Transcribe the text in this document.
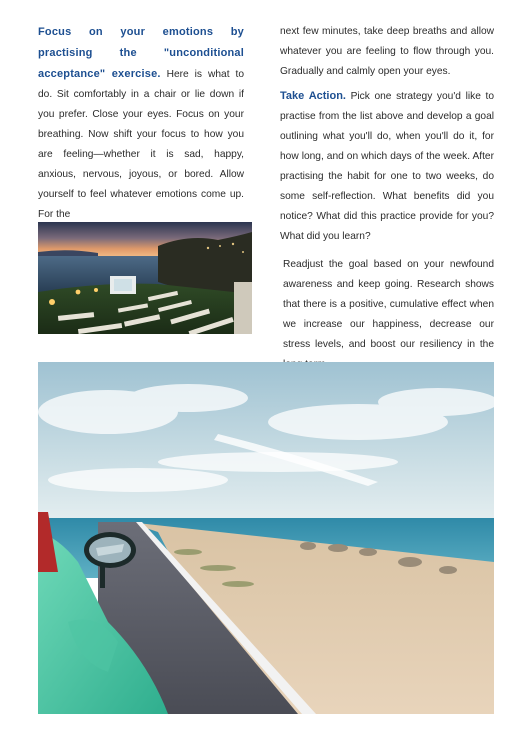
Focus on your emotions by practising the "unconditional acceptance" exercise. Here is what to do. Sit comfortably in a chair or lie down if you prefer. Close your eyes. Focus on your breathing. Now shift your focus to how you are feeling—whether it is sad, happy, anxious, nervous, joyous, or bored. Allow yourself to feel whatever emotions come up. For the

next few minutes, take deep breaths and allow whatever you are feeling to flow through you. Gradually and calmly open your eyes.

Take Action. Pick one strategy you'd like to practise from the list above and develop a goal outlining what you'll do, when you'll do it, for how long, and on which days of the week. After practising the habit for one to two weeks, do some self-reflection. What benefits did you notice? What did this practice provide for you? What did you learn?

Readjust the goal based on your newfound awareness and keep going. Research shows that there is a positive, cumulative effect when we increase our happiness, decrease our stress levels, and boost our resiliency in the
